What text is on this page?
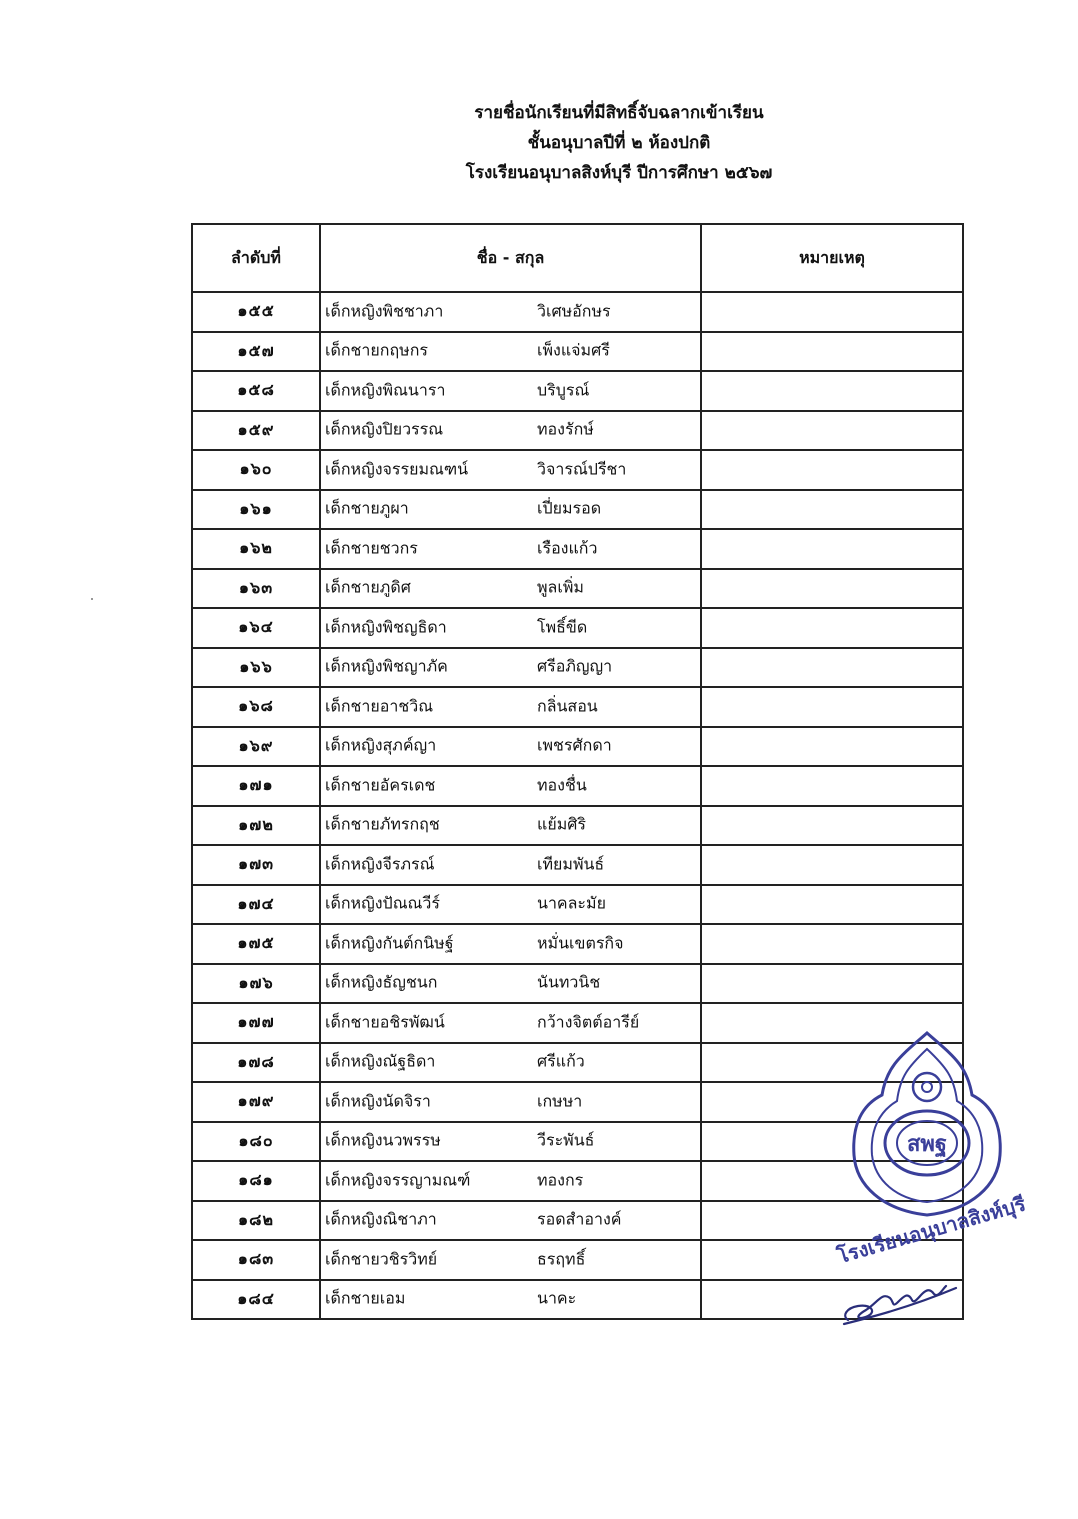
รายชื่อนักเรียนที่มีสิทธิ์จับฉลากเข้าเรียน
ชั้นอนุบาลปีที่ ๒ ห้องปกติ
โรงเรียนอนุบาลสิงห์บุรี ปีการศึกษา ๒๕๖๗
ลำดับที่	ชื่อ - สกุล	หมายเหตุ
๑๕๕	เด็กหญิงพิชชาภา วิเศษอักษร	

๑๕๗	เด็กชายกฤษกร เพ็งแจ่มศรี	

๑๕๘	เด็กหญิงพิณนารา บริบูรณ์	

๑๕๙	เด็กหญิงปิยวรรณ ทองรักษ์	

๑๖๐	เด็กหญิงจรรยมณฑน์ วิจารณ์ปรีชา	

๑๖๑	เด็กชายภูผา เปี่ยมรอด	

๑๖๒	เด็กชายชวกร เรืองแก้ว	

๑๖๓	เด็กชายภูดิศ พูลเพิ่ม	

๑๖๔	เด็กหญิงพิชญธิดา โพธิ์ขีด	

๑๖๖	เด็กหญิงพิชญาภัค ศรีอภิญญา	

๑๖๘	เด็กชายอาชวิณ กลิ่นสอน	

๑๖๙	เด็กหญิงสุภค์ญา เพชรศักดา	

๑๗๑	เด็กชายอัครเดช ทองชื่น	

๑๗๒	เด็กชายภัทรกฤช แย้มศิริ	

๑๗๓	เด็กหญิงจีรภรณ์ เทียมพันธ์	

๑๗๔	เด็กหญิงปัณณวีร์ นาคละมัย	

๑๗๕	เด็กหญิงกันต์กนิษฐ์ หมั่นเขตรกิจ	

๑๗๖	เด็กหญิงธัญชนก นันทวนิช	

๑๗๗	เด็กชายอชิรพัฒน์ กว้างจิตต์อารีย์	

๑๗๘	เด็กหญิงณัฐธิดา ศรีแก้ว	

๑๗๙	เด็กหญิงนัดจิรา เกษษา	

๑๘๐	เด็กหญิงนวพรรษ วีระพันธ์	

๑๘๑	เด็กหญิงจรรญามณฑ์ ทองกร	

๑๘๒	เด็กหญิงณิชาภา รอดสำอางค์	

๑๘๓	เด็กชายวชิรวิทย์ ธรฤทธิ์	

๑๘๔	เด็กชายเอม นาคะ	

สพฐ
โรงเรียนอนุบาลสิงห์บุรี
